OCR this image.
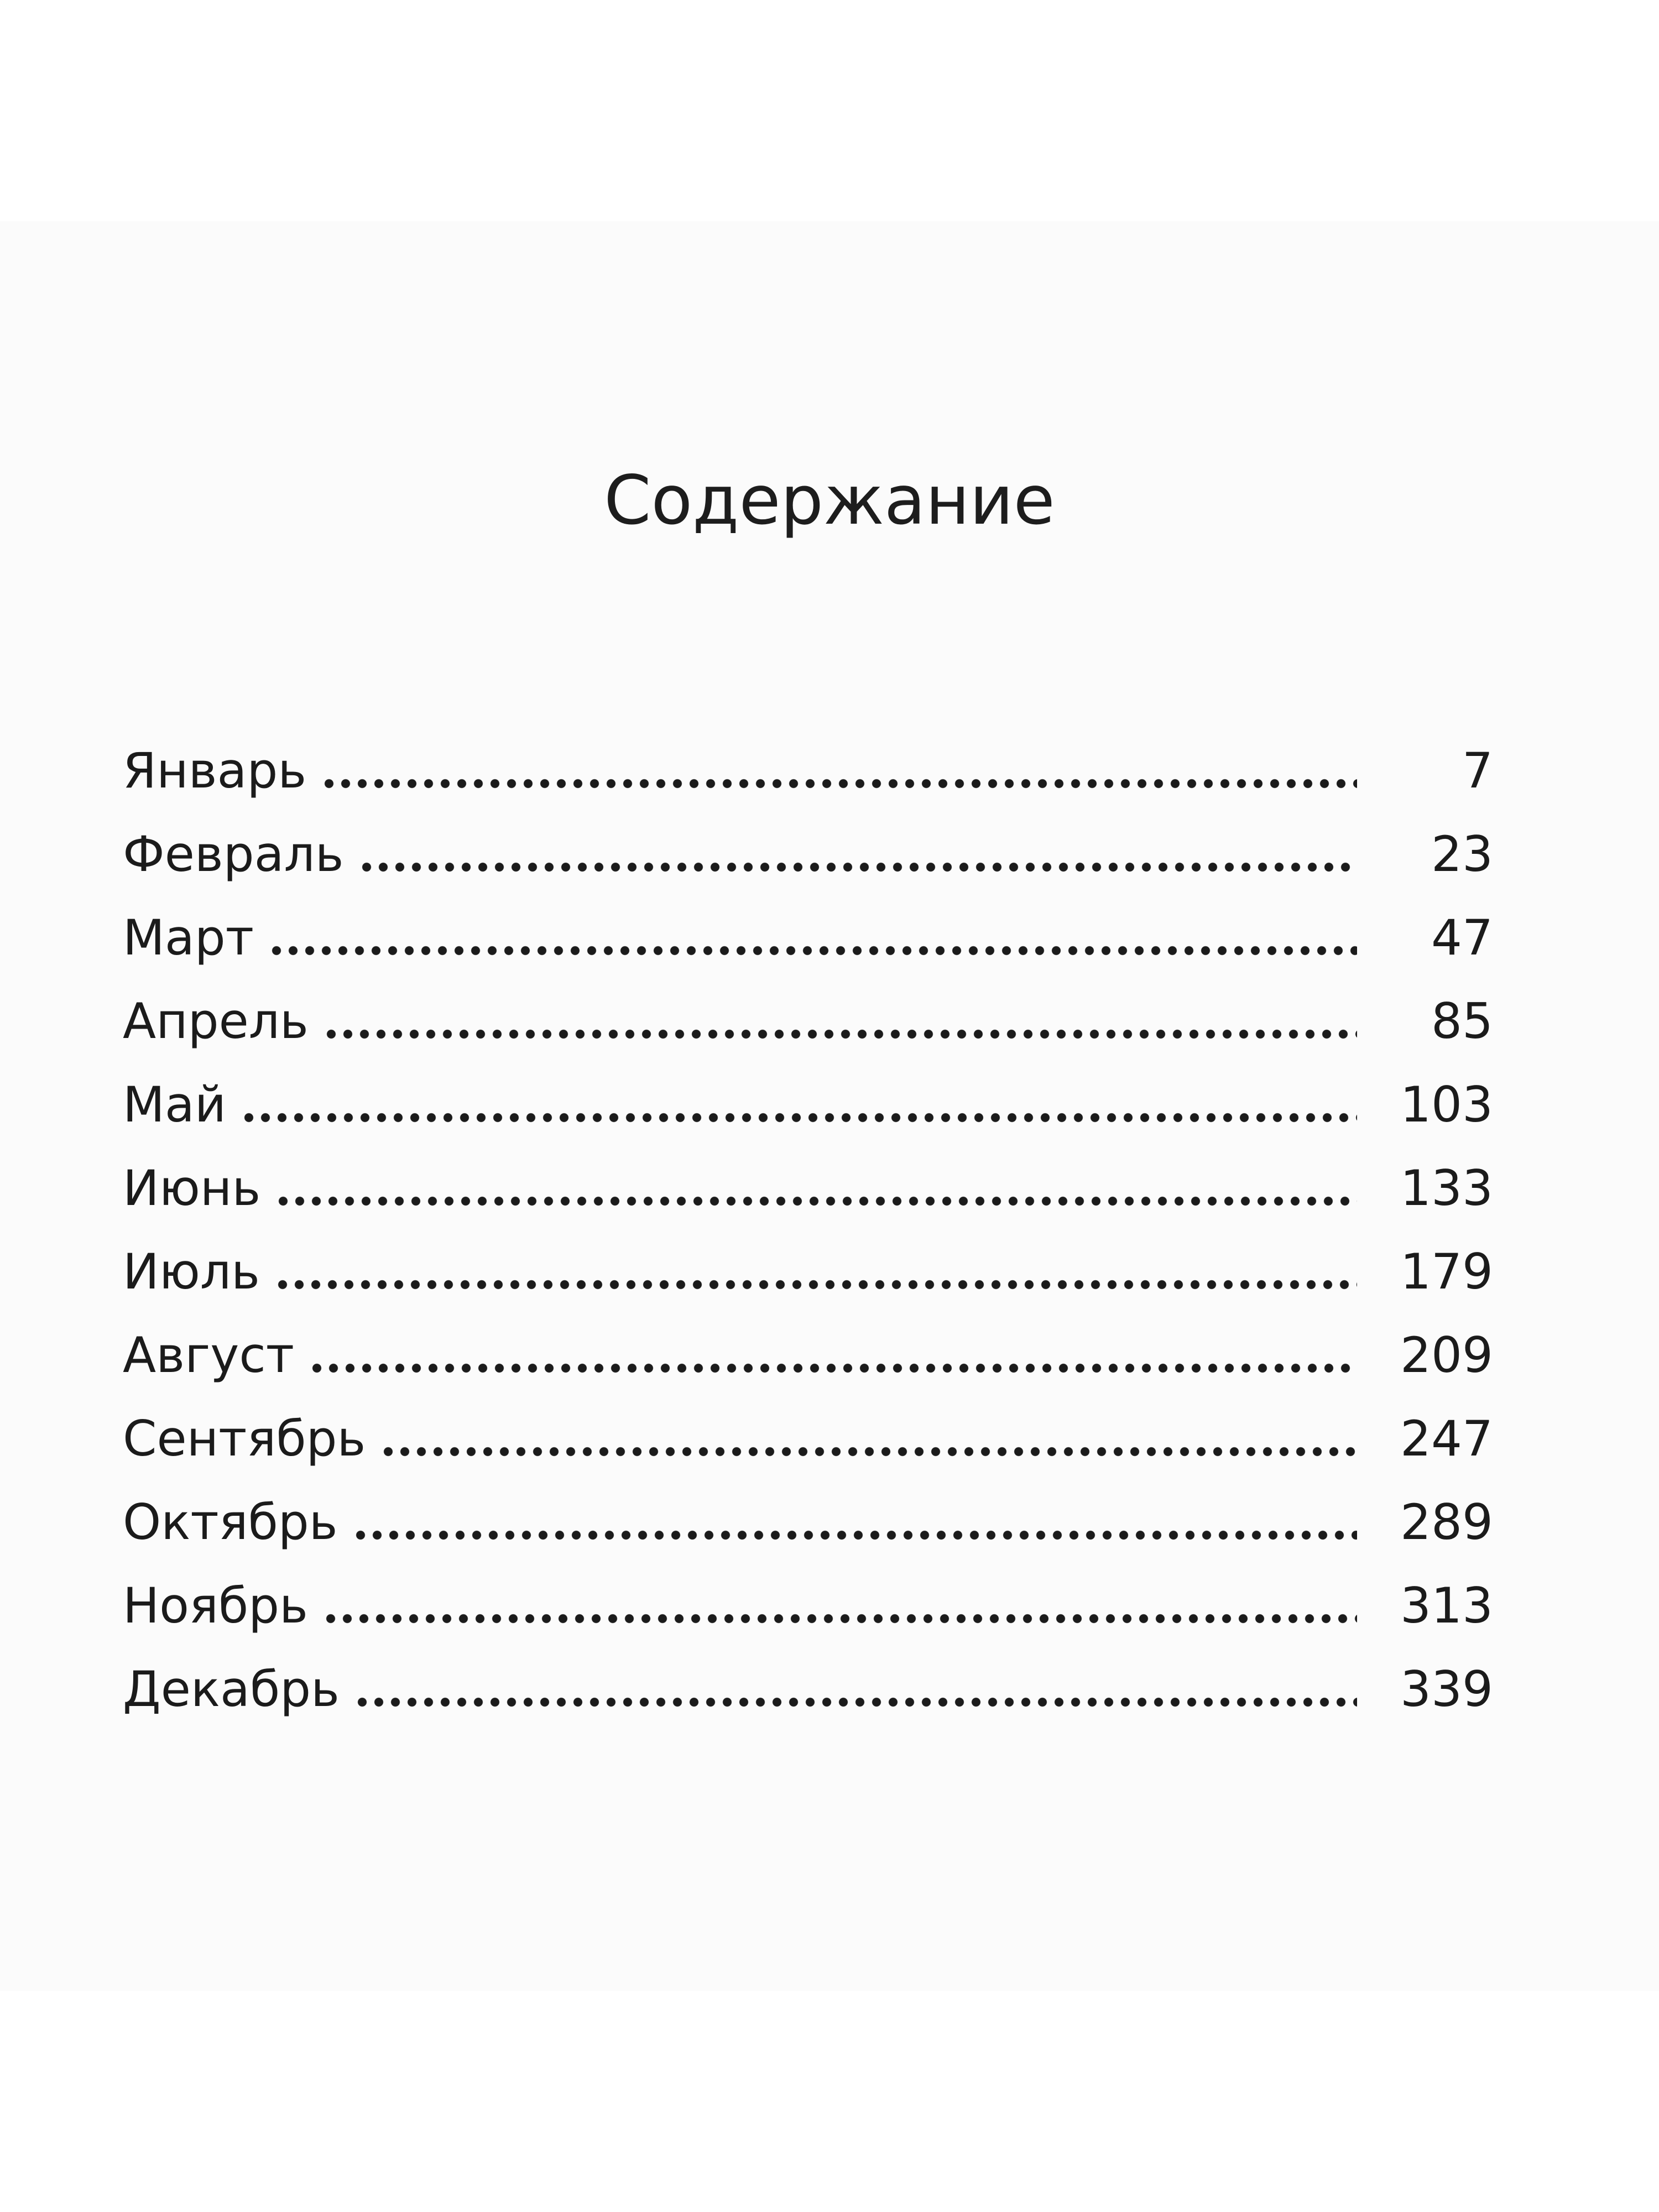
Содержание
Январь	7
Февраль	23
Март	47
Апрель	85
Май	103
Июнь	133
Июль	179
Август	209
Сентябрь	247
Октябрь	289
Ноябрь	313
Декабрь	339
